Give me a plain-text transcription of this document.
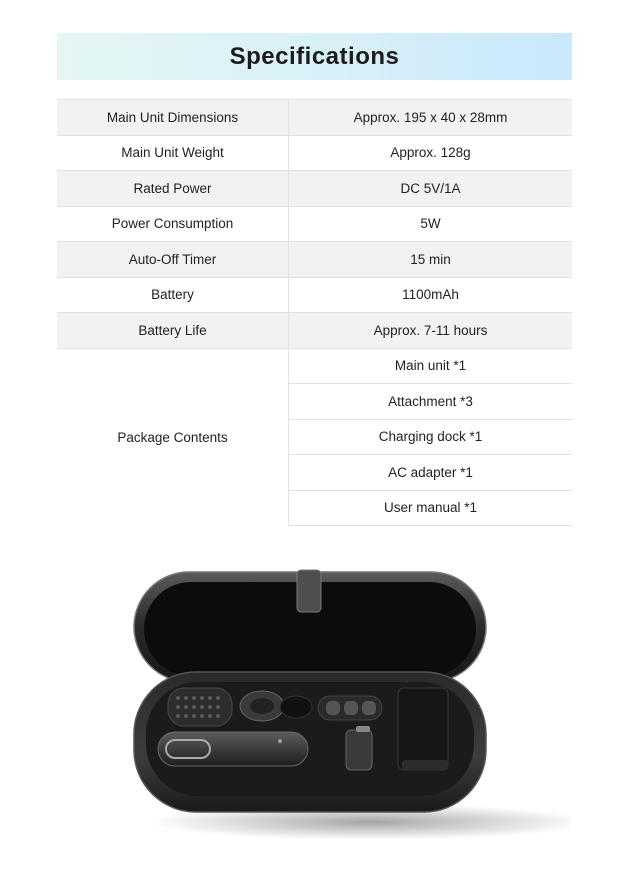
Specifications
Main Unit Dimensions	Approx. 195 x 40 x 28mm
Main Unit Weight	Approx. 128g
Rated Power	DC 5V/1A
Power Consumption	5W
Auto-Off Timer	15 min
Battery	1100mAh
Battery Life	Approx. 7-11 hours
Package Contents	Main unit *1
	Attachment *3
	Charging dock *1
	AC adapter *1
	User manual *1
